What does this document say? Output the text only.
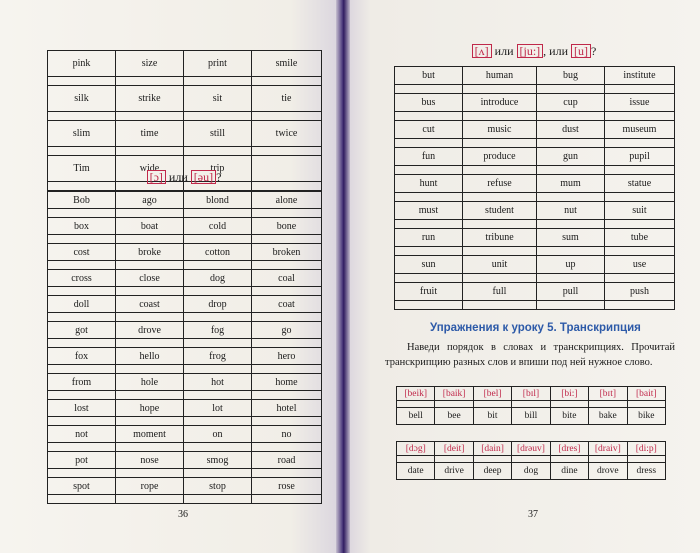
pink	size	print	smile

silk	strike	sit	tie

slim	time	still	twice

Tim	wide	trip	

[ɔ] или [əu] ?
Bob	ago	blond	alone

box	boat	cold	bone

cost	broke	cotton	broken

cross	close	dog	coal

doll	coast	drop	coat

got	drove	fog	go

fox	hello	frog	hero

from	hole	hot	home

lost	hope	lot	hotel

not	moment	on	no

pot	nose	smog	road

spot	rope	stop	rose

36
[ʌ] или [ju:] , или [u] ?
but	human	bug	institute

bus	introduce	cup	issue

cut	music	dust	museum

fun	produce	gun	pupil

hunt	refuse	mum	statue

must	student	nut	suit

run	tribune	sum	tube

sun	unit	up	use

fruit	full	pull	push

Упражнения к уроку 5. Транскрипция
Наведи порядок в словах и транскрипциях. Прочитай транскрипцию разных слов и впиши под ней нужное слово.
[beik]	[baik]	[bel]	[bɪl]	[bi:]	[bɪt]	[bait]

bell	bee	bit	bill	bite	bake	bike
[dɔg]	[deit]	[dain]	[drəuv]	[dres]	[draiv]	[di:p]

date	drive	deep	dog	dine	drove	dress
37
